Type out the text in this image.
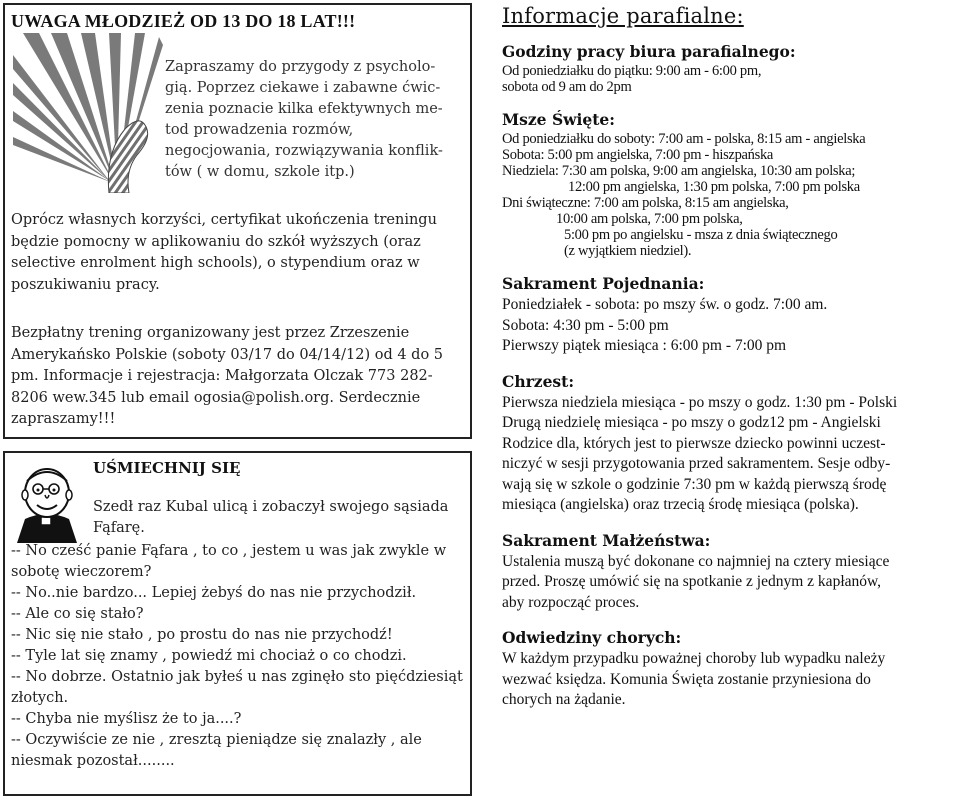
UWAGA MŁODZIEŻ OD 13 DO 18 LAT!!!
Zapraszamy do przygody z psycholo-
gią. Poprzez ciekawe i zabawne ćwic-
zenia poznacie kilka efektywnych me-
tod prowadzenia rozmów,
negocjowania, rozwiązywania konflik-
tów ( w domu, szkole itp.)
Oprócz własnych korzyści, certyfikat ukończenia treningu będzie pomocny w aplikowaniu do szkół wyższych (oraz selective enrolment high schools), o stypendium oraz w poszukiwaniu pracy.
Bezpłatny trening organizowany jest przez Zrzeszenie Amerykańsko Polskie (soboty 03/17 do 04/14/12) od 4 do 5 pm. Informacje i rejestracja: Małgorzata Olczak 773 282-8206 wew.345 lub email ogosia@polish.org. Serdecznie zapraszamy!!!
UŚMIECHNIJ SIĘ
Szedł raz Kubal ulicą i zobaczył swojego sąsiada Fąfarę.
-- No cześć panie Fąfara , to co , jestem u was jak zwykle w sobotę wieczorem?
-- No..nie bardzo... Lepiej żebyś do nas nie przychodził.
-- Ale co się stało?
-- Nic się nie stało , po prostu do nas nie przychodź!
-- Tyle lat się znamy , powiedź mi chociaż o co chodzi.
-- No dobrze. Ostatnio jak byłeś u nas zginęło sto pięćdziesiąt złotych.
-- Chyba nie myślisz że to ja....?
-- Oczywiście ze nie , zresztą pieniądze się znalazły , ale niesmak pozostał........
Informacje parafialne:
Godziny pracy biura parafialnego:
Od poniedziałku do piątku: 9:00 am - 6:00 pm,
sobota od 9 am do 2pm
Msze Święte:
Od poniedziałku do soboty: 7:00 am - polska, 8:15 am - angielska
Sobota: 5:00 pm angielska, 7:00 pm - hiszpańska
Niedziela: 7:30 am polska, 9:00 am angielska, 10:30 am polska;
12:00 pm angielska, 1:30 pm polska, 7:00 pm polska
Dni świąteczne: 7:00 am polska, 8:15 am angielska,
10:00 am polska, 7:00 pm polska,
5:00 pm po angielsku - msza z dnia świątecznego
(z wyjątkiem niedziel).
Sakrament Pojednania:
Poniedziałek - sobota: po mszy św. o godz. 7:00 am.
Sobota: 4:30 pm - 5:00 pm
Pierwszy piątek miesiąca : 6:00 pm - 7:00 pm
Chrzest:
Pierwsza niedziela miesiąca - po mszy o godz. 1:30 pm - Polski
Drugą niedzielę miesiąca - po mszy o godz12 pm - Angielski
Rodzice dla, których jest to pierwsze dziecko powinni uczest-
niczyć w sesji przygotowania przed sakramentem. Sesje odby-
wają się w szkole o godzinie 7:30 pm w każdą pierwszą środę
miesiąca (angielska) oraz trzecią środę miesiąca (polska).
Sakrament Małżeństwa:
Ustalenia muszą być dokonane co najmniej na cztery miesiące
przed. Proszę umówić się na spotkanie z jednym z kapłanów,
aby rozpocząć proces.
Odwiedziny chorych:
W każdym przypadku poważnej choroby lub wypadku należy
wezwać księdza. Komunia Święta zostanie przyniesiona do
chorych na żądanie.
